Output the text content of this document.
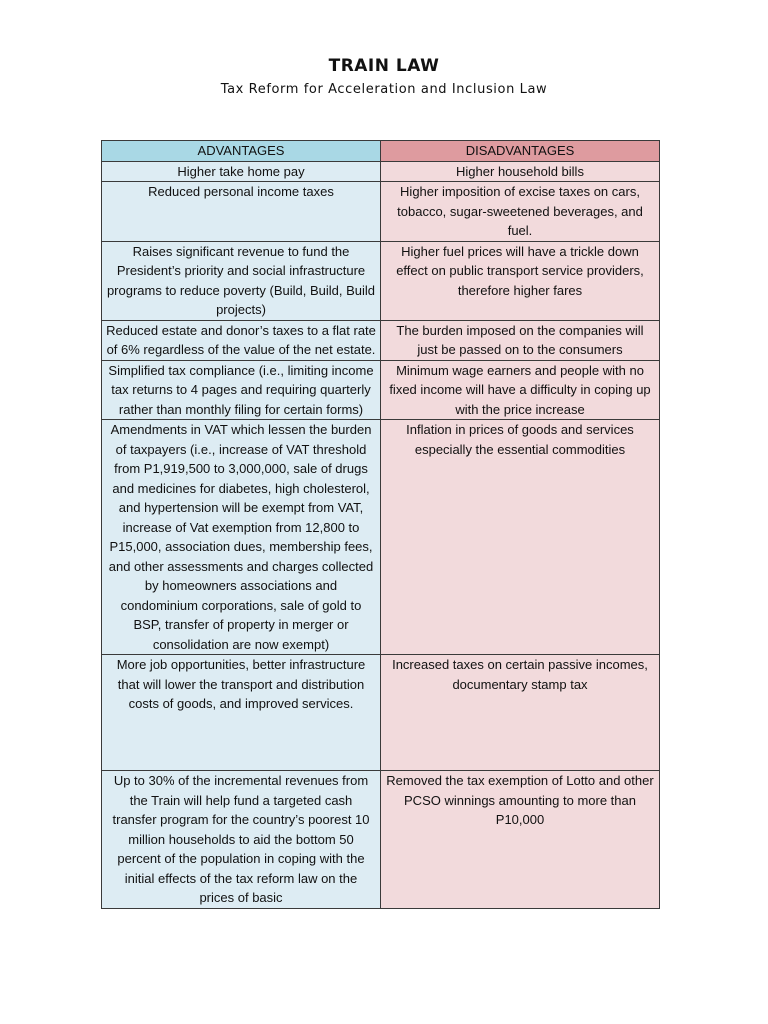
TRAIN LAW
Tax Reform for Acceleration and Inclusion Law
ADVANTAGES	DISADVANTAGES
Higher take home pay	Higher household bills
Reduced personal income taxes	Higher imposition of excise taxes on cars, tobacco, sugar-sweetened beverages, and fuel.
Raises significant revenue to fund the President’s priority and social infrastructure programs to reduce poverty (Build, Build, Build projects)	Higher fuel prices will have a trickle down effect on public transport service providers, therefore higher fares
Reduced estate and donor’s taxes to a flat rate of 6% regardless of the value of the net estate.	The burden imposed on the companies will just be passed on to the consumers
Simplified tax compliance (i.e., limiting income tax returns to 4 pages and requiring quarterly rather than monthly filing for certain forms)	Minimum wage earners and people with no fixed income will have a difficulty in coping up with the price increase
Amendments in VAT which lessen the burden of taxpayers (i.e., increase of VAT threshold from P1,919,500 to 3,000,000, sale of drugs and medicines for diabetes, high cholesterol, and hypertension will be exempt from VAT, increase of Vat exemption from 12,800 to P15,000, association dues, membership fees, and other assessments and charges collected by homeowners associations and condominium corporations, sale of gold to BSP, transfer of property in merger or consolidation are now exempt)	Inflation in prices of goods and services especially the essential commodities
More job opportunities, better infrastructure that will lower the transport and distribution costs of goods, and improved services.	Increased taxes on certain passive incomes, documentary stamp tax
Up to 30% of the incremental revenues from the Train will help fund a targeted cash transfer program for the country’s poorest 10 million households to aid the bottom 50 percent of the population in coping with the initial effects of the tax reform law on the prices of basic	Removed the tax exemption of Lotto and other PCSO winnings amounting to more than P10,000
